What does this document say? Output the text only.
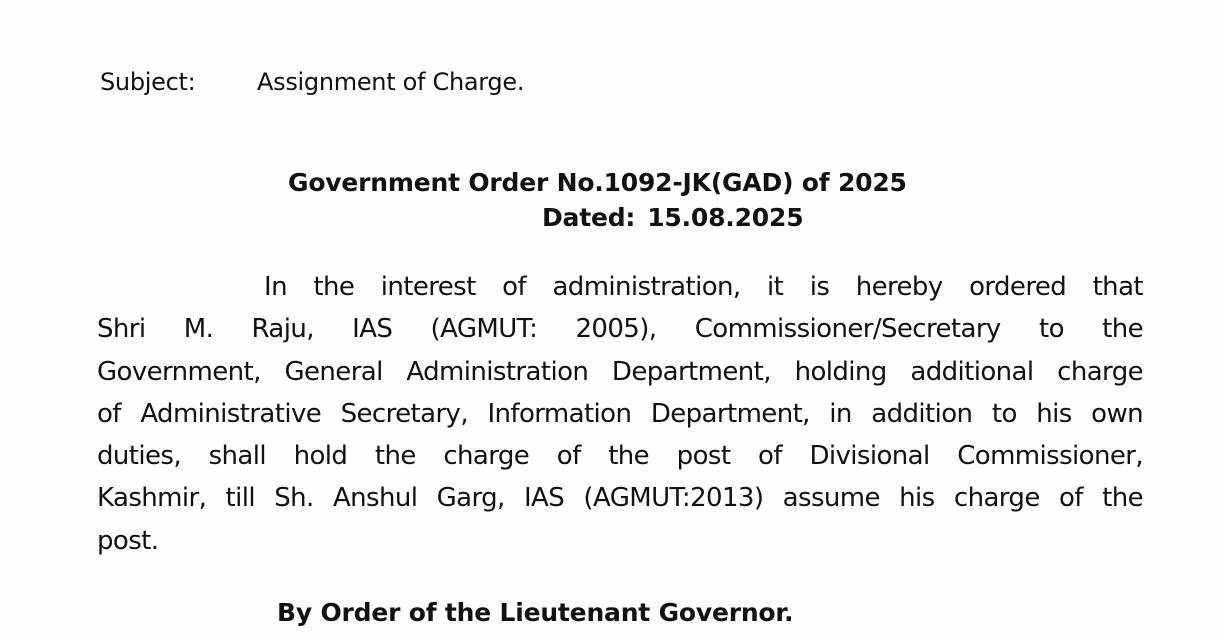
Subject:	Assignment of Charge.
Government Order No.1092-JK(GAD) of 2025
Dated: 15.08.2025
In the interest of administration, it is hereby ordered that
Shri M. Raju, IAS (AGMUT: 2005), Commissioner/Secretary to the
Government, General Administration Department, holding additional charge
of Administrative Secretary, Information Department, in addition to his own
duties, shall hold the charge of the post of Divisional Commissioner,
Kashmir, till Sh. Anshul Garg, IAS (AGMUT:2013) assume his charge of the
post.
By Order of the Lieutenant Governor.
